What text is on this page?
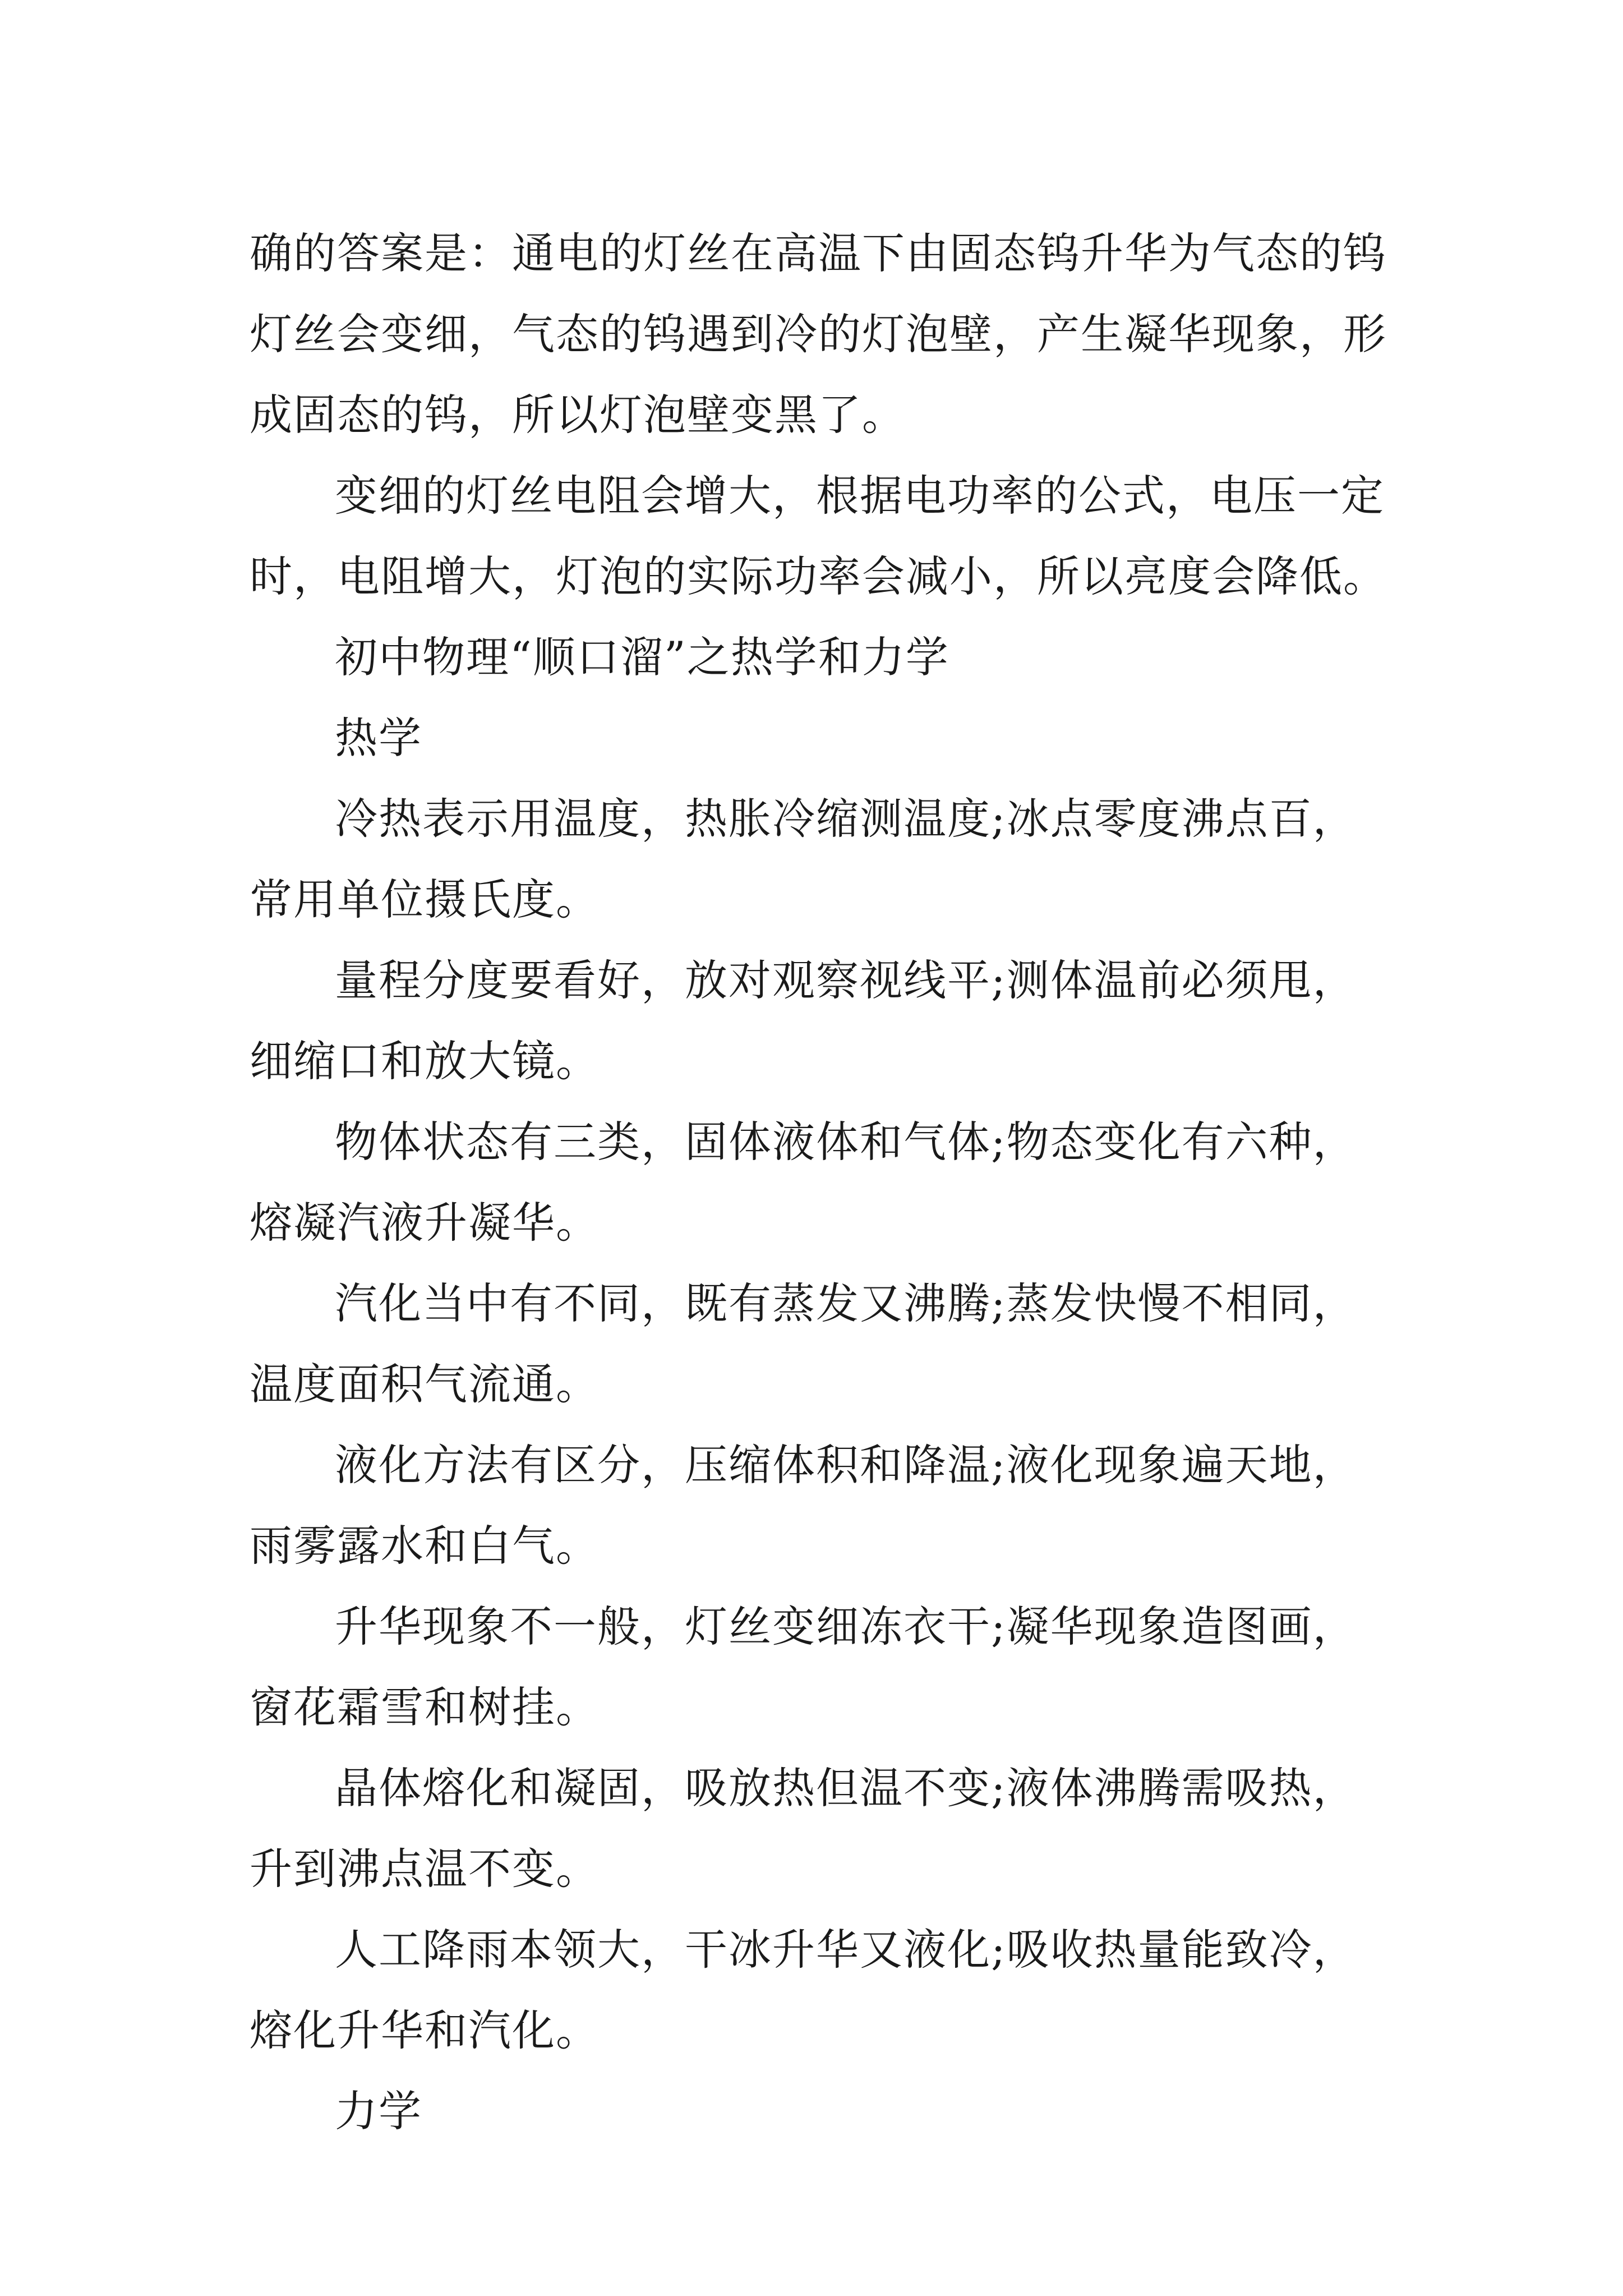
确的答案是：通电的灯丝在高温下由固态钨升华为气态的钨
灯丝会变细，气态的钨遇到冷的灯泡壁，产生凝华现象，形
成固态的钨，所以灯泡壁变黑了。

变细的灯丝电阻会增大，根据电功率的公式，电压一定
时，电阻增大，灯泡的实际功率会减小，所以亮度会降低。

初中物理“顺口溜”之热学和力学

热学

冷热表示用温度，热胀冷缩测温度;冰点零度沸点百，
常用单位摄氏度。

量程分度要看好，放对观察视线平;测体温前必须甩，
细缩口和放大镜。

物体状态有三类，固体液体和气体;物态变化有六种，
熔凝汽液升凝华。

汽化当中有不同，既有蒸发又沸腾;蒸发快慢不相同，
温度面积气流通。

液化方法有区分，压缩体积和降温;液化现象遍天地，
雨雾露水和白气。

升华现象不一般，灯丝变细冻衣干;凝华现象造图画，
窗花霜雪和树挂。

晶体熔化和凝固，吸放热但温不变;液体沸腾需吸热，
升到沸点温不变。

人工降雨本领大，干冰升华又液化;吸收热量能致冷，
熔化升华和汽化。

力学
